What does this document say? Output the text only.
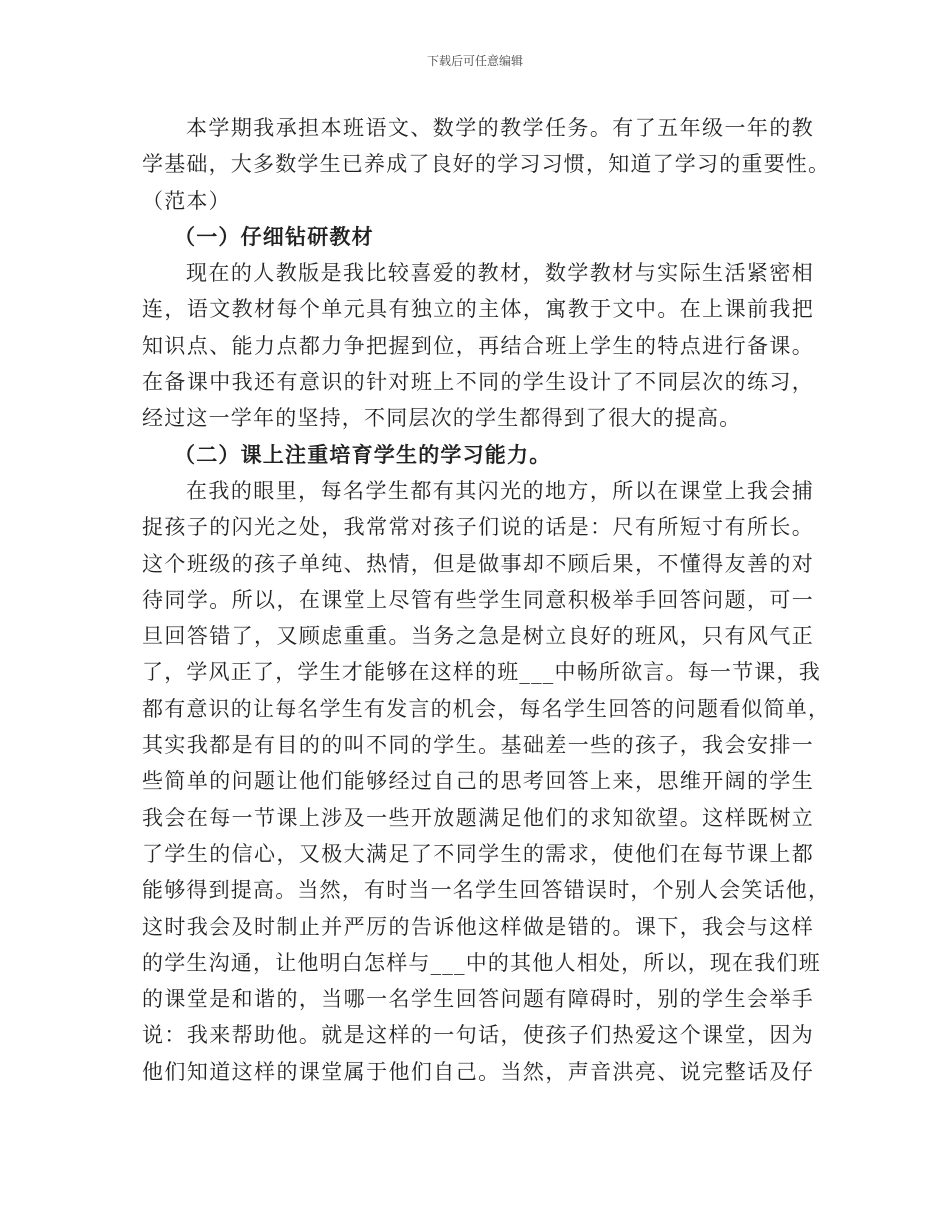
下载后可任意编辑
本学期我承担本班语文、数学的教学任务。有了五年级一年的教
学基础，大多数学生已养成了良好的学习习惯，知道了学习的重要性。
（范本）
（一）仔细钻研教材
现在的人教版是我比较喜爱的教材，数学教材与实际生活紧密相
连，语文教材每个单元具有独立的主体，寓教于文中。在上课前我把
知识点、能力点都力争把握到位，再结合班上学生的特点进行备课。
在备课中我还有意识的针对班上不同的学生设计了不同层次的练习，
经过这一学年的坚持，不同层次的学生都得到了很大的提高。
（二）课上注重培育学生的学习能力。
在我的眼里，每名学生都有其闪光的地方，所以在课堂上我会捕
捉孩子的闪光之处，我常常对孩子们说的话是：尺有所短寸有所长。
这个班级的孩子单纯、热情，但是做事却不顾后果，不懂得友善的对
待同学。所以，在课堂上尽管有些学生同意积极举手回答问题，可一
旦回答错了，又顾虑重重。当务之急是树立良好的班风，只有风气正
了，学风正了，学生才能够在这样的班___中畅所欲言。每一节课，我
都有意识的让每名学生有发言的机会，每名学生回答的问题看似简单，
其实我都是有目的的叫不同的学生。基础差一些的孩子，我会安排一
些简单的问题让他们能够经过自己的思考回答上来，思维开阔的学生
我会在每一节课上涉及一些开放题满足他们的求知欲望。这样既树立
了学生的信心，又极大满足了不同学生的需求，使他们在每节课上都
能够得到提高。当然，有时当一名学生回答错误时，个别人会笑话他，
这时我会及时制止并严厉的告诉他这样做是错的。课下，我会与这样
的学生沟通，让他明白怎样与___中的其他人相处，所以，现在我们班
的课堂是和谐的，当哪一名学生回答问题有障碍时，别的学生会举手
说：我来帮助他。就是这样的一句话，使孩子们热爱这个课堂，因为
他们知道这样的课堂属于他们自己。当然，声音洪亮、说完整话及仔
